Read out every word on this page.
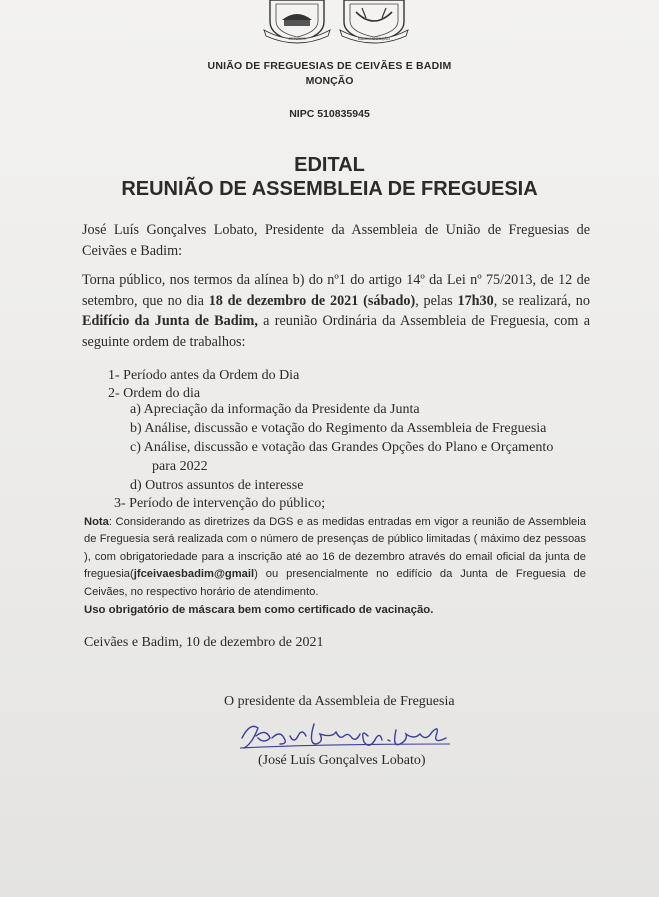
CEIVÃES	BADIM-MONÇÃO
UNIÃO DE FREGUESIAS DE CEIVÃES E BADIM
MONÇÃO
NIPC 510835945
EDITAL
REUNIÃO DE ASSEMBLEIA DE FREGUESIA
José Luís Gonçalves Lobato, Presidente da Assembleia de União de Freguesias de Ceivães e Badim:
Torna público, nos termos da alínea b) do nº1 do artigo 14º da Lei nº 75/2013, de 12 de setembro, que no dia 18 de dezembro de 2021 (sábado), pelas 17h30, se realizará, no Edifício da Junta de Badim, a reunião Ordinária da Assembleia de Freguesia, com a seguinte ordem de trabalhos:
1- Período antes da Ordem do Dia
2- Ordem do dia
a) Apreciação da informação da Presidente da Junta
b) Análise, discussão e votação do Regimento da Assembleia de Freguesia
c) Análise, discussão e votação das Grandes Opções do Plano e Orçamento
para 2022
d) Outros assuntos de interesse
3- Período de intervenção do público;
Nota: Considerando as diretrizes da DGS e as medidas entradas em vigor a reunião de Assembleia de Freguesia será realizada com o número de presenças de público limitadas ( máximo dez pessoas ), com obrigatoriedade para a inscrição até ao 16 de dezembro através do email oficial da junta de freguesia(jfceivaesbadim@gmail) ou presencialmente no edifício da Junta de Freguesia de Ceivães, no respectivo horário de atendimento.
Uso obrigatório de máscara bem como certificado de vacinação.
Ceivães e Badim, 10 de dezembro de 2021
O presidente da Assembleia de Freguesia
(José Luís Gonçalves Lobato)
